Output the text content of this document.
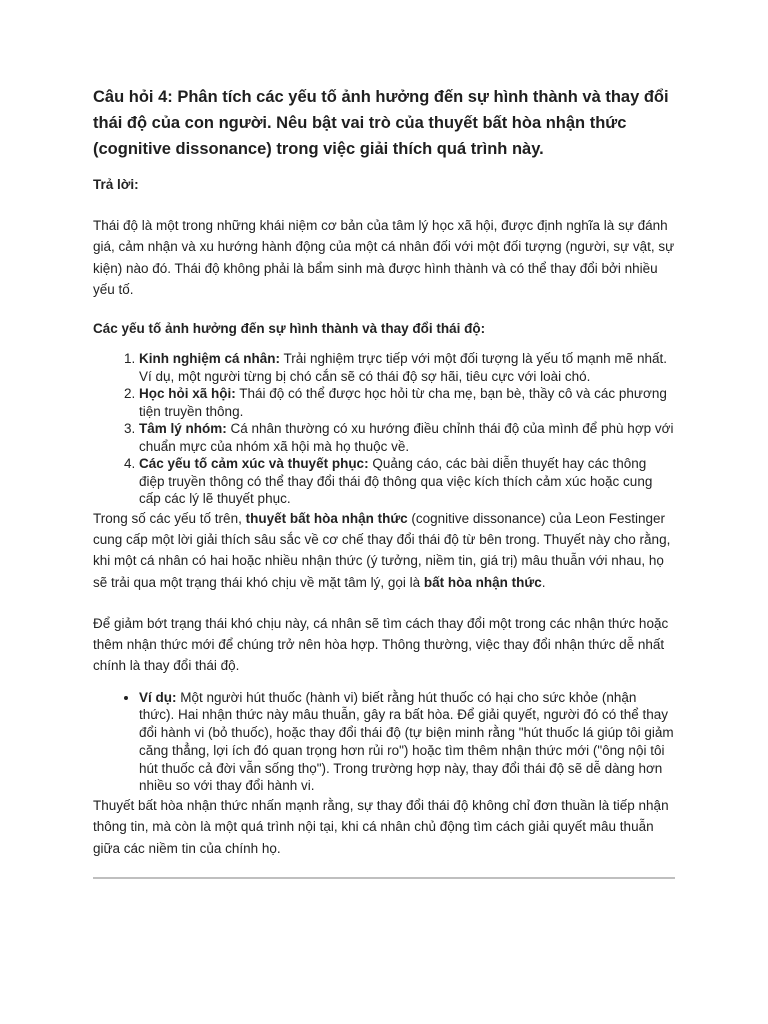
Câu hỏi 4: Phân tích các yếu tố ảnh hưởng đến sự hình thành và thay đổi thái độ của con người. Nêu bật vai trò của thuyết bất hòa nhận thức (cognitive dissonance) trong việc giải thích quá trình này.

Trả lời:

Thái độ là một trong những khái niệm cơ bản của tâm lý học xã hội, được định nghĩa là sự đánh giá, cảm nhận và xu hướng hành động của một cá nhân đối với một đối tượng (người, sự vật, sự kiện) nào đó. Thái độ không phải là bẩm sinh mà được hình thành và có thể thay đổi bởi nhiều yếu tố.

Các yếu tố ảnh hưởng đến sự hình thành và thay đổi thái độ:

1. Kinh nghiệm cá nhân: Trải nghiệm trực tiếp với một đối tượng là yếu tố mạnh mẽ nhất. Ví dụ, một người từng bị chó cắn sẽ có thái độ sợ hãi, tiêu cực với loài chó.
2. Học hỏi xã hội: Thái độ có thể được học hỏi từ cha mẹ, bạn bè, thầy cô và các phương tiện truyền thông.
3. Tâm lý nhóm: Cá nhân thường có xu hướng điều chỉnh thái độ của mình để phù hợp với chuẩn mực của nhóm xã hội mà họ thuộc về.
4. Các yếu tố cảm xúc và thuyết phục: Quảng cáo, các bài diễn thuyết hay các thông điệp truyền thông có thể thay đổi thái độ thông qua việc kích thích cảm xúc hoặc cung cấp các lý lẽ thuyết phục.

Trong số các yếu tố trên, thuyết bất hòa nhận thức (cognitive dissonance) của Leon Festinger cung cấp một lời giải thích sâu sắc về cơ chế thay đổi thái độ từ bên trong. Thuyết này cho rằng, khi một cá nhân có hai hoặc nhiều nhận thức (ý tưởng, niềm tin, giá trị) mâu thuẫn với nhau, họ sẽ trải qua một trạng thái khó chịu về mặt tâm lý, gọi là bất hòa nhận thức.

Để giảm bớt trạng thái khó chịu này, cá nhân sẽ tìm cách thay đổi một trong các nhận thức hoặc thêm nhận thức mới để chúng trở nên hòa hợp. Thông thường, việc thay đổi nhận thức dễ nhất chính là thay đổi thái độ.

• Ví dụ: Một người hút thuốc (hành vi) biết rằng hút thuốc có hại cho sức khỏe (nhận thức). Hai nhận thức này mâu thuẫn, gây ra bất hòa. Để giải quyết, người đó có thể thay đổi hành vi (bỏ thuốc), hoặc thay đổi thái độ (tự biện minh rằng "hút thuốc lá giúp tôi giảm căng thẳng, lợi ích đó quan trọng hơn rủi ro") hoặc tìm thêm nhận thức mới ("ông nội tôi hút thuốc cả đời vẫn sống thọ"). Trong trường hợp này, thay đổi thái độ sẽ dễ dàng hơn nhiều so với thay đổi hành vi.

Thuyết bất hòa nhận thức nhấn mạnh rằng, sự thay đổi thái độ không chỉ đơn thuần là tiếp nhận thông tin, mà còn là một quá trình nội tại, khi cá nhân chủ động tìm cách giải quyết mâu thuẫn giữa các niềm tin của chính họ.
